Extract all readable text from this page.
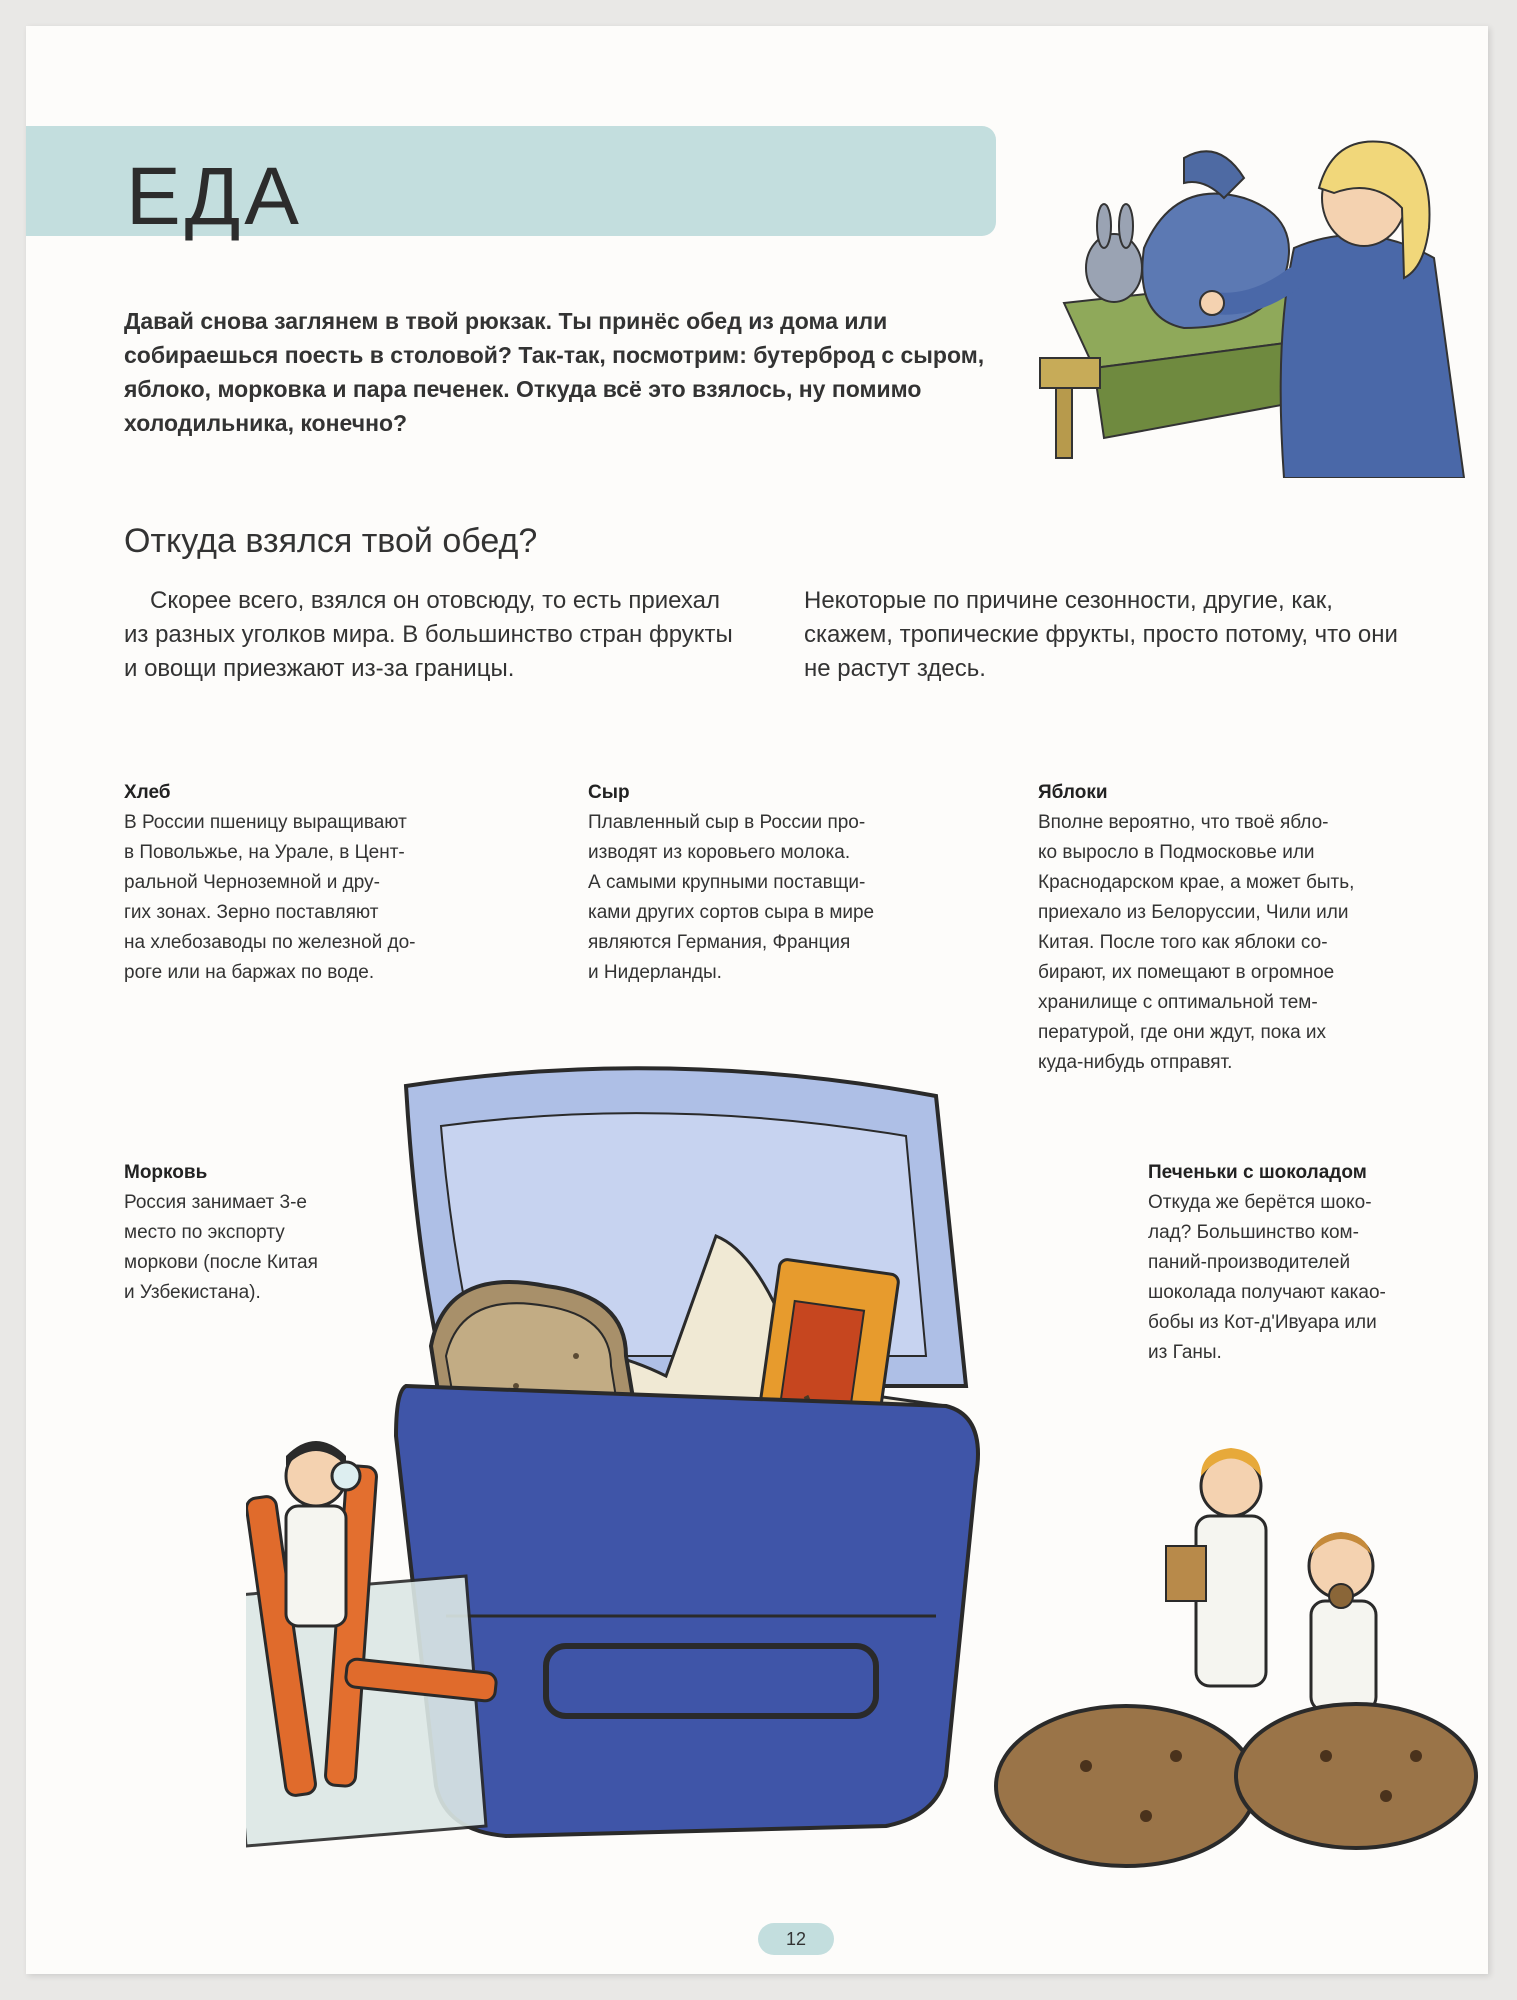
ЕДА

Давай снова заглянем в твой рюкзак. Ты принёс обед из дома или собираешься поесть в столовой? Так-так, посмотрим: бутерброд с сыром, яблоко, морковка и пара печенек. Откуда всё это взялось, ну помимо холодильника, конечно?

Откуда взялся твой обед?

Скорее всего, взялся он отовсюду, то есть приехал из разных уголков мира. В большинство стран фрукты и овощи приезжают из-за границы.

Некоторые по причине сезонности, другие, как, скажем, тропические фрукты, просто потому, что они не растут здесь.

Хлеб
В России пшеницу выращивают
в Повольжье, на Урале, в Цент-
ральной Черноземной и дру-
гих зонах. Зерно поставляют
на хлебозаводы по железной до-
роге или на баржах по воде.
Сыр
Плавленный сыр в России про-
изводят из коровьего молока.
А самыми крупными поставщи-
ками других сортов сыра в мире
являются Германия, Франция
и Нидерланды.
Яблоки
Вполне вероятно, что твоё ябло-
ко выросло в Подмосковье или
Краснодарском крае, а может быть,
приехало из Белоруссии, Чили или
Китая. После того как яблоки со-
бирают, их помещают в огромное
хранилище с оптимальной тем-
пературой, где они ждут, пока их
куда-нибудь отправят.
Морковь
Россия занимает 3-е
место по экспорту
моркови (после Китая
и Узбекистана).
Печеньки с шоколадом
Откуда же берётся шоко-
лад? Большинство ком-
паний-производителей
шоколада получают какао-
бобы из Кот-д'Ивуара или
из Ганы.
12
